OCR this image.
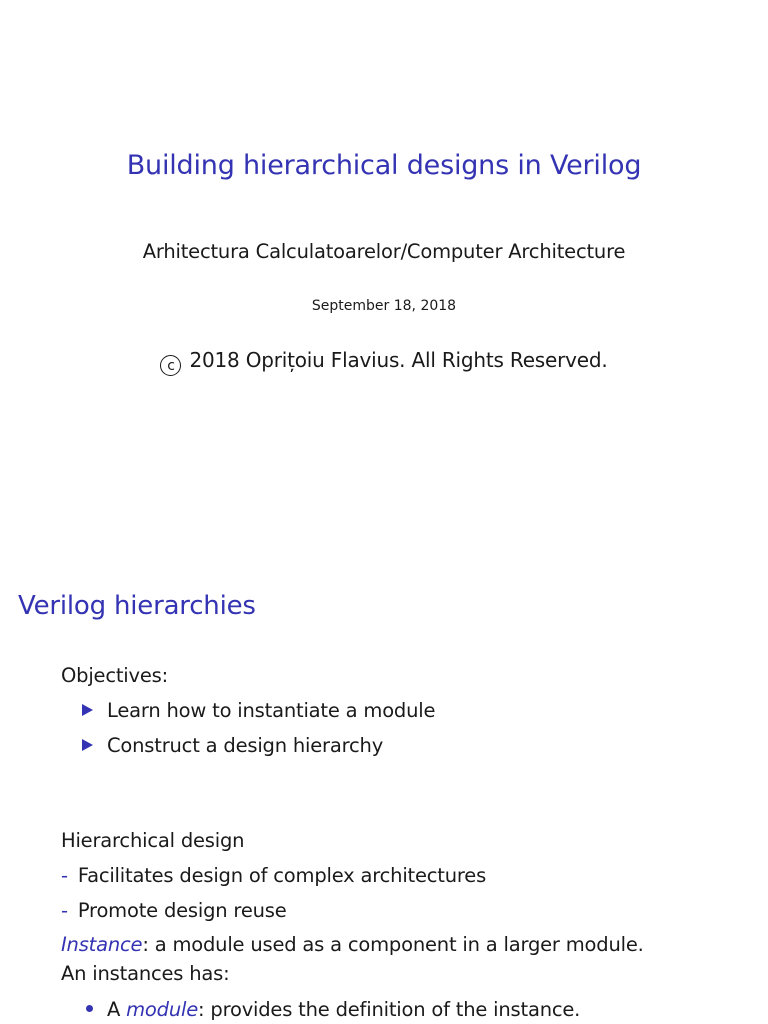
Building hierarchical designs in Verilog
Arhitectura Calculatoarelor/Computer Architecture
September 18, 2018
c 2018 Oprițoiu Flavius. All Rights Reserved.
Verilog hierarchies
Objectives:
Learn how to instantiate a module
Construct a design hierarchy
Hierarchical design
- Facilitates design of complex architectures
- Promote design reuse
Instance: a module used as a component in a larger module.
An instances has:
A module: provides the definition of the instance.
